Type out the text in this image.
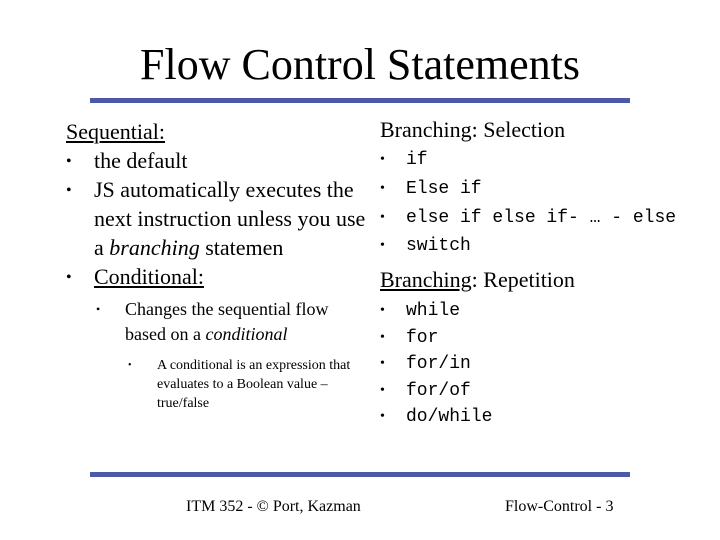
Flow Control Statements
Sequential:
• the default
• JS automatically executes the next instruction unless you use a branching statemen
• Conditional:
• Changes the sequential flow based on a conditional
• A conditional is an expression that evaluates to a Boolean value – true/false
Branching: Selection
• if
• Else if
• else if else if- … - else
• switch
Branching: Repetition
• while
• for
• for/in
• for/of
• do/while
ITM 352 - © Port, Kazman	Flow-Control - 3
